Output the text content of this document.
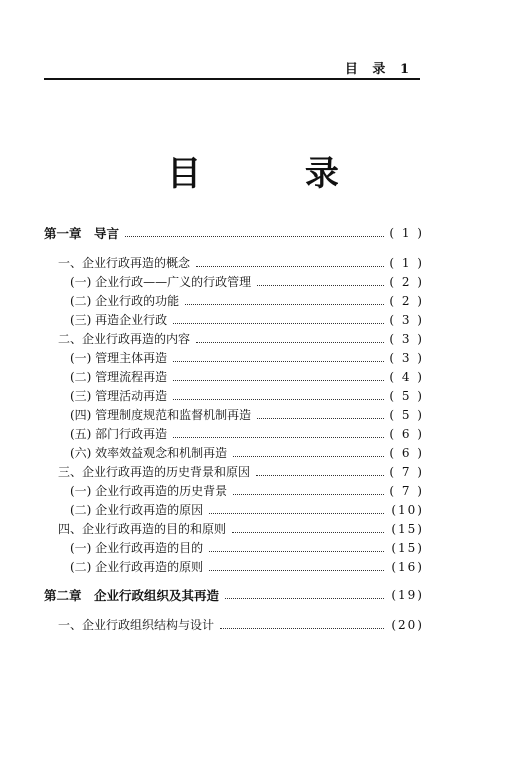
目 录 1
目 录
第一章　导言	( 1 )
一、企业行政再造的概念	( 1 )
(一) 企业行政——广义的行政管理	( 2 )
(二) 企业行政的功能	( 2 )
(三) 再造企业行政	( 3 )
二、企业行政再造的内容	( 3 )
(一) 管理主体再造	( 3 )
(二) 管理流程再造	( 4 )
(三) 管理活动再造	( 5 )
(四) 管理制度规范和监督机制再造	( 5 )
(五) 部门行政再造	( 6 )
(六) 效率效益观念和机制再造	( 6 )
三、企业行政再造的历史背景和原因	( 7 )
(一) 企业行政再造的历史背景	( 7 )
(二) 企业行政再造的原因	(10)
四、企业行政再造的目的和原则	(15)
(一) 企业行政再造的目的	(15)
(二) 企业行政再造的原则	(16)
第二章　企业行政组织及其再造	(19)
一、企业行政组织结构与设计	(20)
